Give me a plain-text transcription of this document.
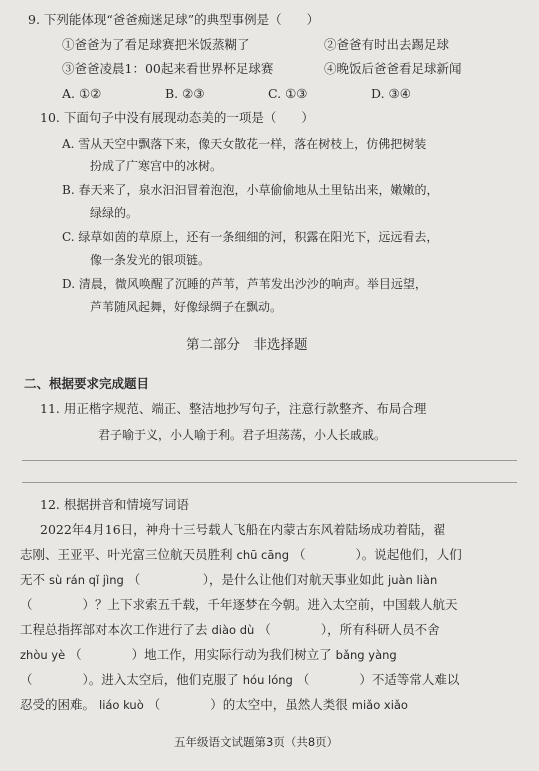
9. 下列能体现“爸爸痴迷足球”的典型事例是（　　）
①爸爸为了看足球赛把米饭蒸糊了	②爸爸有时出去踢足球
③爸爸凌晨1：00起来看世界杯足球赛	④晚饭后爸爸看足球新闻
A. ①②	B. ②③	C. ①③	D. ③④
10. 下面句子中没有展现动态美的一项是（　　）
A. 雪从天空中飘落下来，像天女散花一样，落在树枝上，仿佛把树装
扮成了广寒宫中的冰树。
B. 春天来了，泉水汩汩冒着泡泡，小草偷偷地从土里钻出来，嫩嫩的，
绿绿的。
C. 绿草如茵的草原上，还有一条细细的河，积露在阳光下，远远看去，
像一条发光的银项链。
D. 清晨，微风唤醒了沉睡的芦苇，芦苇发出沙沙的响声。举目远望，
芦苇随风起舞，好像绿绸子在飘动。
第二部分　非选择题
二、根据要求完成题目
11. 用正楷字规范、端正、整洁地抄写句子，注意行款整齐、布局合理
君子喻于义，小人喻于利。君子坦荡荡，小人长戚戚。
12. 根据拼音和情境写词语
2022年4月16日，神舟十三号载人飞船在内蒙古东风着陆场成功着陆，翟
志刚、王亚平、叶光富三位航天员胜利 chū cāng （　　　　）。说起他们，人们
无不 sù rán qǐ jìng （　　　　　），是什么让他们对航天事业如此 juàn liàn
（　　　　）？上下求索五千载，千年逐梦在今朝。进入太空前，中国载人航天
工程总指挥部对本次工作进行了去 diào dù （　　　　），所有科研人员不舍
zhòu yè （　　　　）地工作，用实际行动为我们树立了 bǎng yàng
（　　　　）。进入太空后，他们克服了 hóu lóng （　　　　）不适等常人难以
忍受的困难。 liáo kuò （　　　　）的太空中，虽然人类很 miǎo xiǎo
五年级语文试题第3页（共8页）
